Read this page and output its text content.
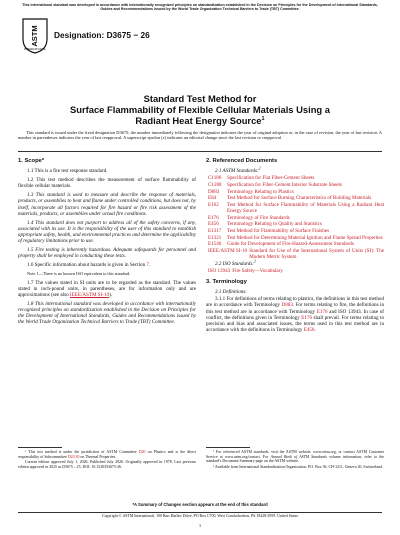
This international standard was developed in accordance with internationally recognized principles on standardization established in the Decision on Principles for the Development of International Standards, Guides and Recommendations issued by the World Trade Organization Technical Barriers to Trade (TBT) Committee.
ASTM
INTERNATIONAL
Designation: D3675 − 26
Standard Test Method for
Surface Flammability of Flexible Cellular Materials Using a
Radiant Heat Energy Source$^1$
This standard is issued under the fixed designation D3675; the number immediately following the designation indicates the year of original adoption or, in the case of revision, the year of last revision. A number in parentheses indicates the year of last reapproval. A superscript epsilon (ε) indicates an editorial change since the last revision or reapproval.
1. Scope*

1.1 This is a fire test response standard.

1.2 This test method describes the measurement of surface flammability of flexible cellular materials.

1.3 This standard is used to measure and describe the response of materials, products, or assemblies to heat and flame under controlled conditions, but does not, by itself, incorporate all factors required for fire hazard or fire risk assessment of the materials, products, or assemblies under actual fire conditions.

1.4 This standard does not purport to address all of the safety concerns, if any, associated with its use. It is the responsibility of the user of this standard to establish appropriate safety, health, and environmental practices and determine the applicability of regulatory limitations prior to use.

1.5 Fire testing is inherently hazardous. Adequate safeguards for personnel and property shall be employed in conducting these tests.

1.6 Specific information about hazards is given in Section 7.

Note 1—There is no known ISO equivalent to this standard.

1.7 The values stated in SI units are to be regarded as the standard. The values stated in inch-pound units, in parentheses, are for information only and are approximations (see also IEEE/ASTM SI-10).

1.8 This international standard was developed in accordance with internationally recognized principles on standardization established in the Decision on Principles for the Development of International Standards, Guides and Recommendations issued by the World Trade Organization Technical Barriers to Trade (TBT) Committee.

2. Referenced Documents

2.1 ASTM Standards:$^2$

C1186	Specification for Flat Fiber-Cement Sheets
C1288	Specification for Fiber-Cement Interior Substrate Sheets
D883	Terminology Relating to Plastics
E84	Test Method for Surface Burning Characteristics of Building Materials
E162	Test Method for Surface Flammability of Materials Using a Radiant Heat Energy Source
E176	Terminology of Fire Standards
E456	Terminology Relating to Quality and Statistics
E1317	Test Method for Flammability of Surface Finishes
E1321	Test Method for Determining Material Ignition and Flame Spread Properties
E1546	Guide for Development of Fire-Hazard-Assessment Standards
IEEE/ASTM SI-10 Standard for Use of the International System of Units (SI): The Modern Metric System

2.2 ISO Standards:$^3$

ISO 13943 Fire Safety—Vocabulary
3. Terminology

3.1 Definitions:

3.1.1 For definitions of terms relating to plastics, the definitions in this test method are in accordance with Terminology D883. For terms relating to fire, the definitions in this test method are in accordance with Terminology E176 and ISO 13943. In case of conflict, the definitions given in Terminology E176 shall prevail. For terms relating to precision and bias and associated issues, the terms used in this test method are in accordance with the definitions in Terminology E456.

¹ This test method is under the jurisdiction of ASTM Committee D20 on Plastics and is the direct responsibility of Subcommittee D20.30 on Thermal Properties.

Current edition approved July 1, 2026. Published July 2026. Originally approved in 1978. Last previous edition approved in 2025 as D3675 – 25. DOI: 10.1520/D3675-26.

² For referenced ASTM standards, visit the ASTM website, www.astm.org, or contact ASTM Customer Service at www.astm.org/contact. For Annual Book of ASTM Standards volume information, refer to the standard's Document Summary page on the ASTM website.

³ Available from International Standardization Organization, P.O. Box 56, CH-1211, Geneva 20, Switzerland.

*A Summary of Changes section appears at the end of this standard
Copyright © ASTM International, 100 Barr Harbor Drive, PO Box C700, West Conshohocken, PA 19428-2959. United States
1
